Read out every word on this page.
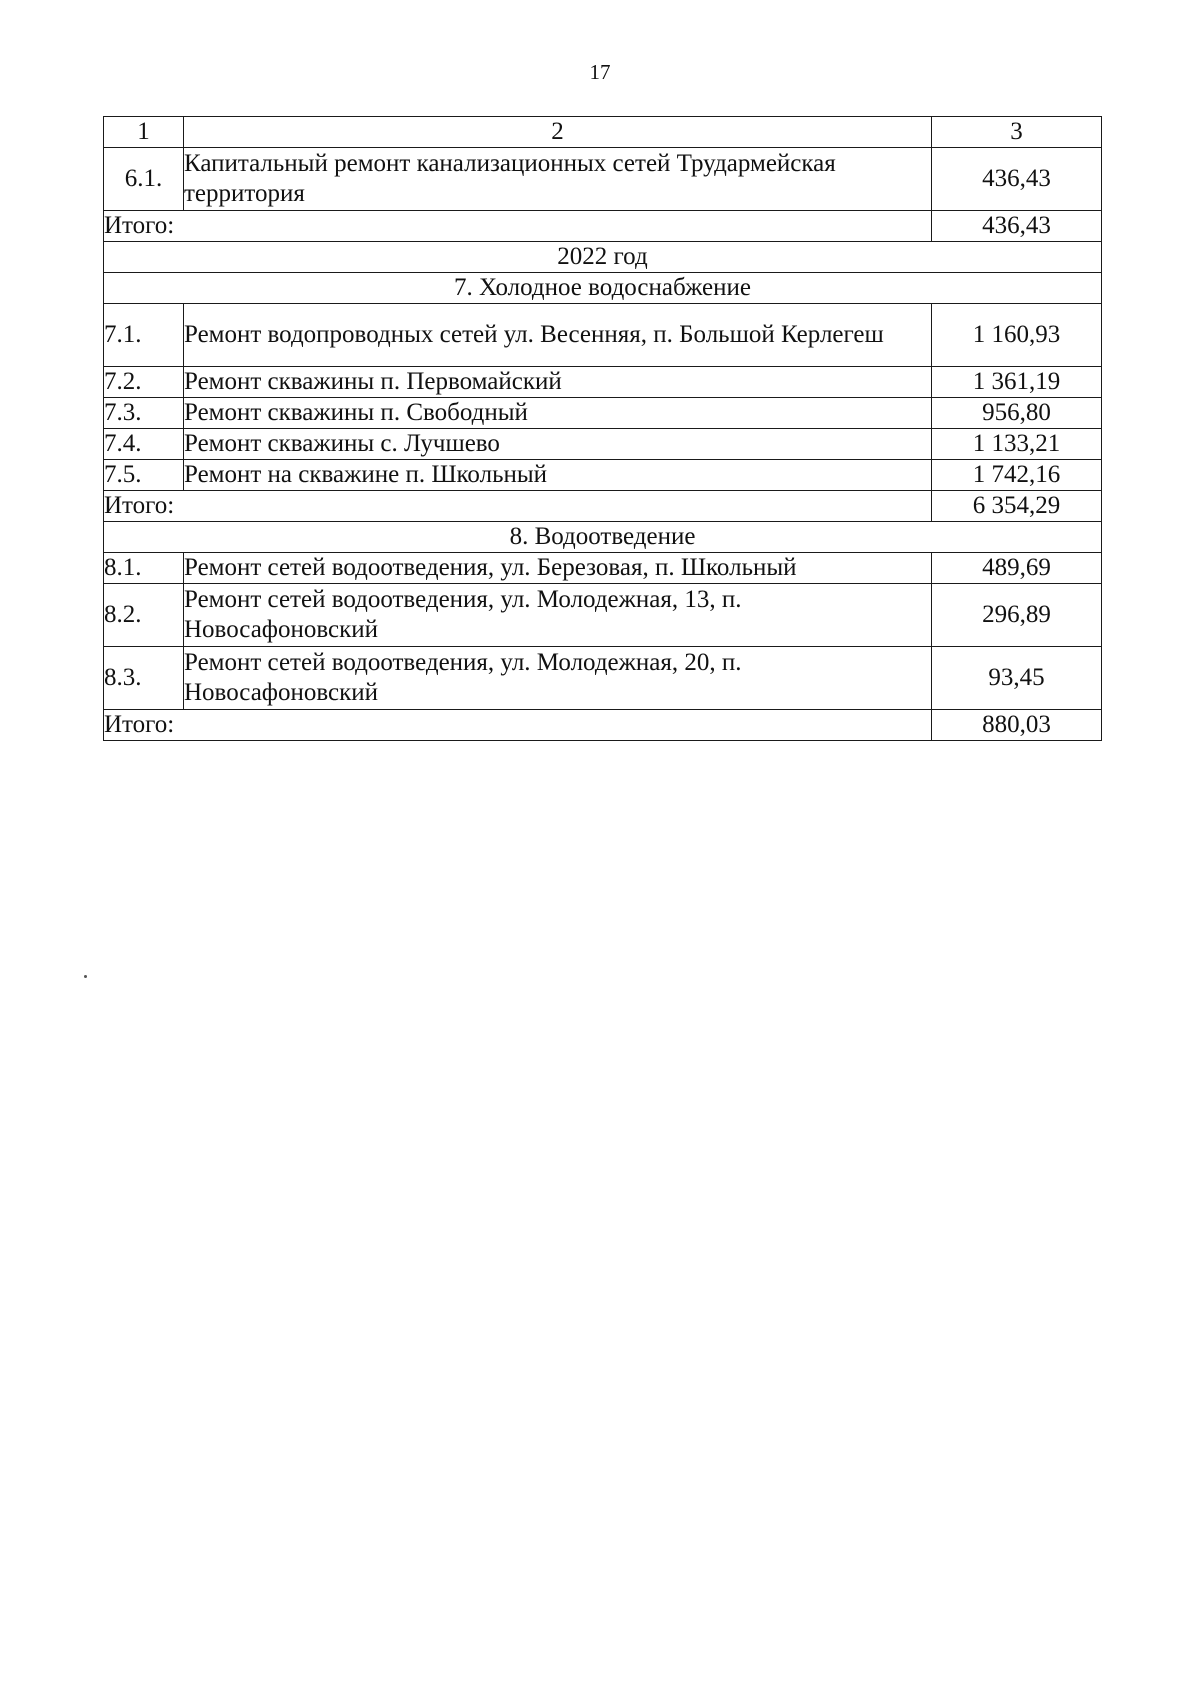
17
1	2	3
6.1.	Капитальный ремонт канализационных сетей Трудармейская территория	436,43
Итого:		436,43
2022 год		
7. Холодное водоснабжение		
7.1.	Ремонт водопроводных сетей ул. Весенняя, п. Большой Керлегеш	1 160,93
7.2.	Ремонт скважины п. Первомайский	1 361,19
7.3.	Ремонт скважины п. Свободный	956,80
7.4.	Ремонт скважины с. Лучшево	1 133,21
7.5.	Ремонт на скважине п. Школьный	1 742,16
Итого:		6 354,29
8. Водоотведение		
8.1.	Ремонт сетей водоотведения, ул. Березовая, п. Школьный	489,69
8.2.	Ремонт сетей водоотведения, ул. Молодежная, 13, п. Новосафоновский	296,89
8.3.	Ремонт сетей водоотведения, ул. Молодежная, 20, п. Новосафоновский	93,45
Итого:		880,03
